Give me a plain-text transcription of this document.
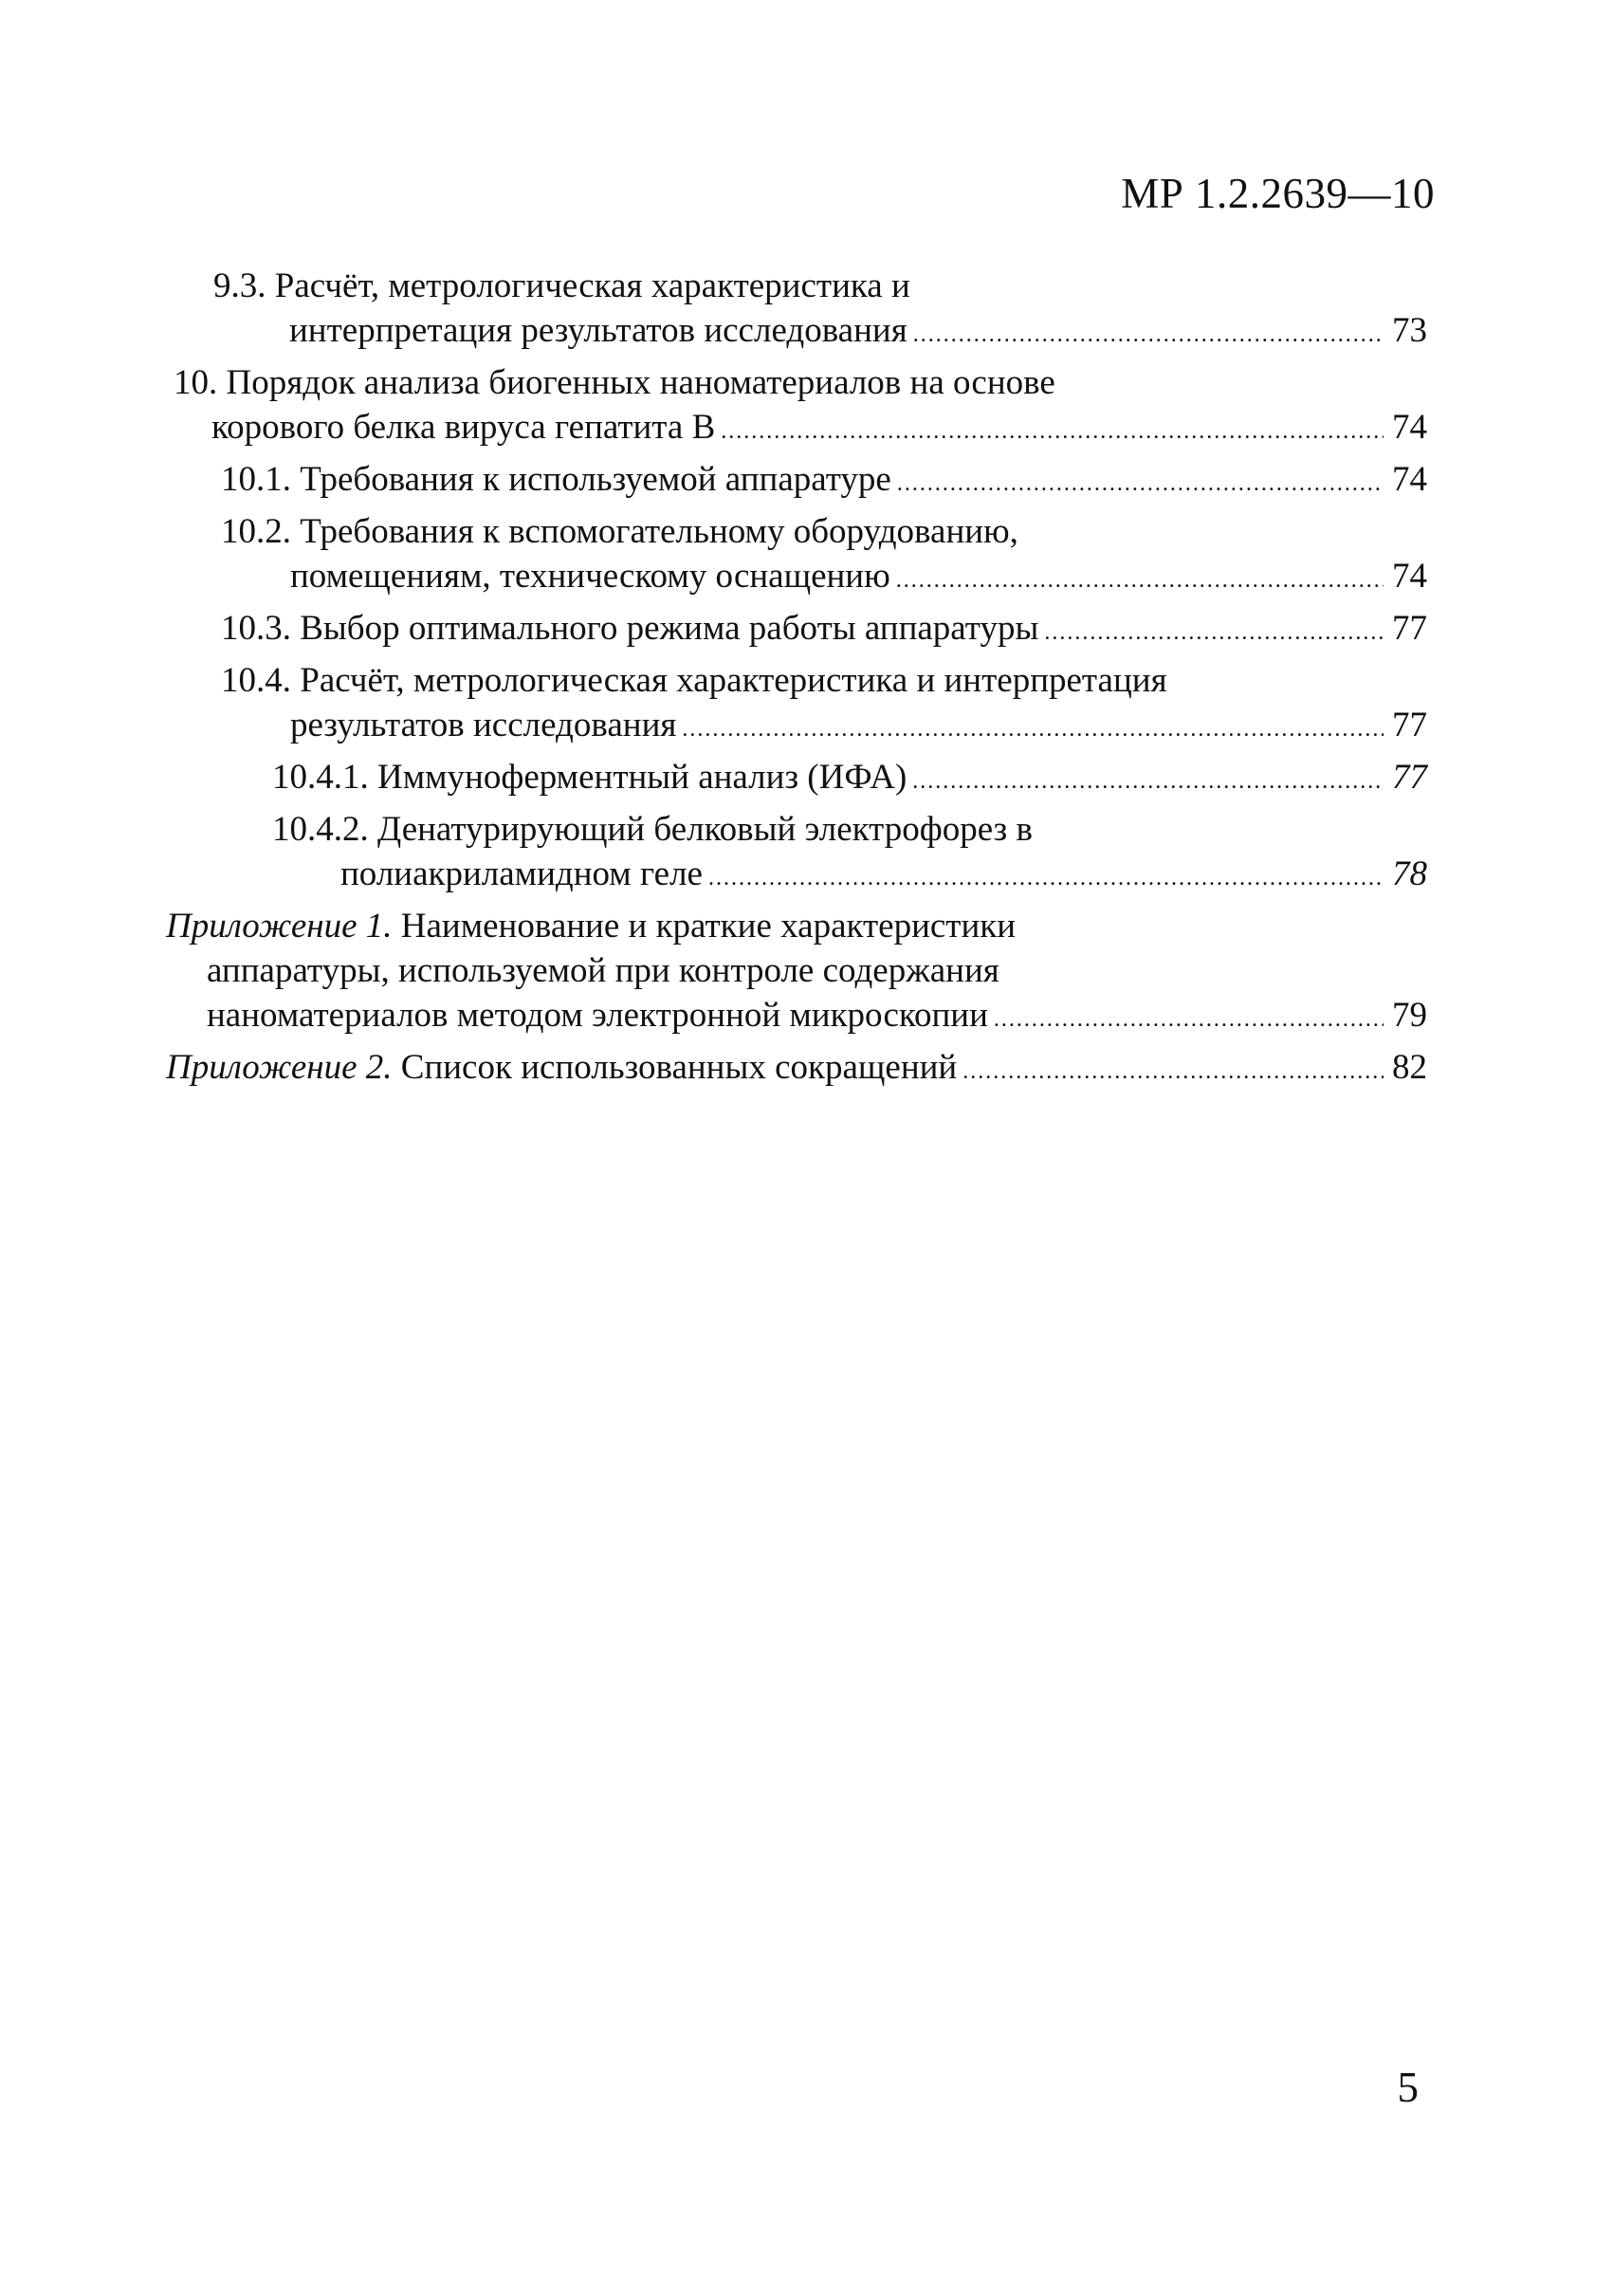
МР 1.2.2639—10
9.3. Расчёт, метрологическая характеристика и
интерпретация результатов исследования .....	73
10. Порядок анализа биогенных наноматериалов на основе
корового белка вируса гепатита В .....	74
10.1. Требования к используемой аппаратуре .....	74
10.2. Требования к вспомогательному оборудованию,
помещениям, техническому оснащению .....	74
10.3. Выбор оптимального режима работы аппаратуры .....	77
10.4. Расчёт, метрологическая характеристика и интерпретация
результатов исследования .....	77
10.4.1. Иммуноферментный анализ (ИФА) .....	77
10.4.2. Денатурирующий белковый электрофорез в
полиакриламидном геле .....	78
Приложение 1. Наименование и краткие характеристики
аппаратуры, используемой при контроле содержания
наноматериалов методом электронной микроскопии .....	79
Приложение 2. Список использованных сокращений .....	82
5
